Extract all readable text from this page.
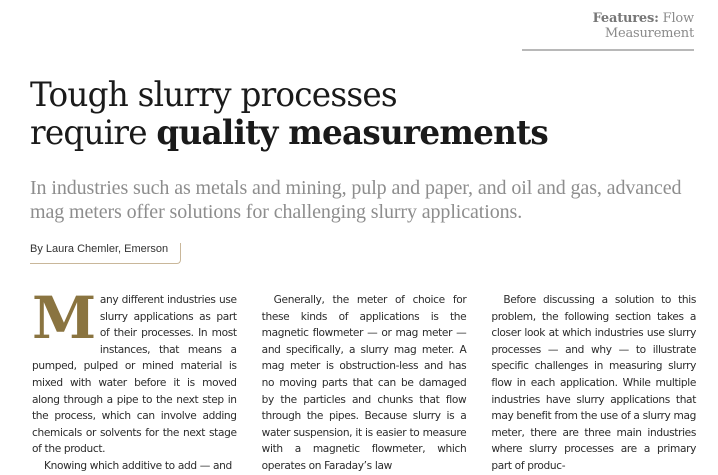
Features: Flow Measurement
Tough slurry processes
require quality measurements

In industries such as metals and mining, pulp and paper, and oil and gas, advanced mag meters offer solutions for challenging slurry applications.

By Laura Chemler, Emerson

Many different industries use slurry applications as part of their processes. In most instances, that means a pumped, pulped or mined material is mixed with water before it is moved along through a pipe to the next step in the process, which can involve adding chemicals or solvents for the next stage of the product.

Knowing which additive to add — and

Generally, the meter of choice for these kinds of applications is the magnetic flowmeter — or mag meter — and specifically, a slurry mag meter. A mag meter is obstruction-less and has no moving parts that can be damaged by the particles and chunks that flow through the pipes. Because slurry is a water suspension, it is easier to measure with a magnetic flowmeter, which operates on Faraday’s law

Before discussing a solution to this problem, the following section takes a closer look at which industries use slurry processes — and why — to illustrate specific challenges in measuring slurry flow in each application. While multiple industries have slurry applications that may benefit from the use of a slurry mag meter, there are three main industries where slurry processes are a primary part of produc-
